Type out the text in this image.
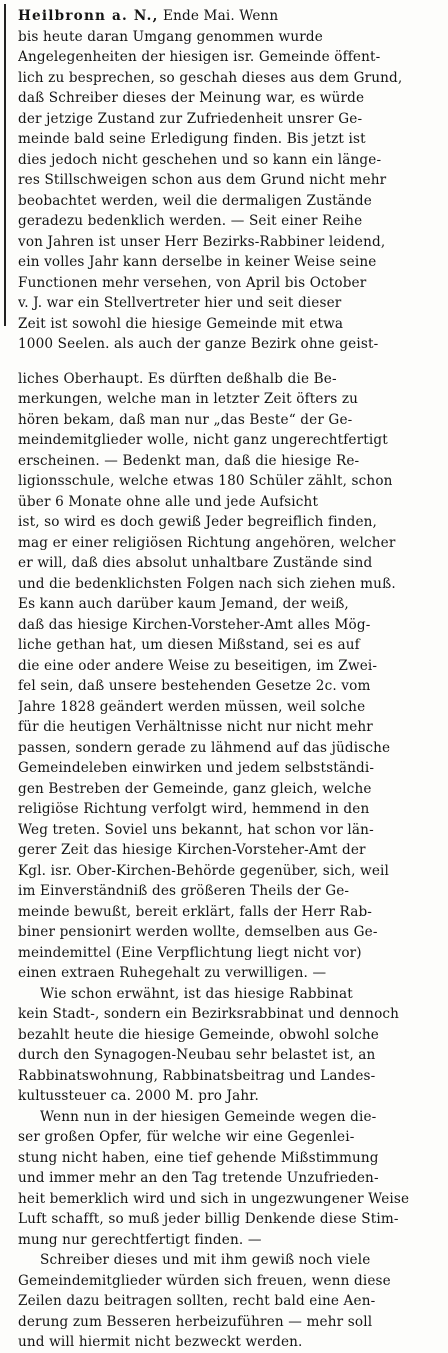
Heilbronn a. N., Ende Mai. Wenn
bis heute daran Umgang genommen wurde
Angelegenheiten der hiesigen isr. Gemeinde öffent-
lich zu besprechen, so geschah dieses aus dem Grund,
daß Schreiber dieses der Meinung war, es würde
der jetzige Zustand zur Zufriedenheit unsrer Ge-
meinde bald seine Erledigung finden. Bis jetzt ist
dies jedoch nicht geschehen und so kann ein länge-
res Stillschweigen schon aus dem Grund nicht mehr
beobachtet werden, weil die dermaligen Zustände
geradezu bedenklich werden. — Seit einer Reihe
von Jahren ist unser Herr Bezirks-Rabbiner leidend,
ein volles Jahr kann derselbe in keiner Weise seine
Functionen mehr versehen, von April bis October
v. J. war ein Stellvertreter hier und seit dieser
Zeit ist sowohl die hiesige Gemeinde mit etwa
1000 Seelen. als auch der ganze Bezirk ohne geist-
liches Oberhaupt. Es dürften deßhalb die Be-
merkungen, welche man in letzter Zeit öfters zu
hören bekam, daß man nur „das Beste“ der Ge-
meindemitglieder wolle, nicht ganz ungerechtfertigt
erscheinen. — Bedenkt man, daß die hiesige Re-
ligionsschule, welche etwas 180 Schüler zählt, schon
über 6 Monate ohne alle und jede Aufsicht
ist, so wird es doch gewiß Jeder begreiflich finden,
mag er einer religiösen Richtung angehören, welcher
er will, daß dies absolut unhaltbare Zustände sind
und die bedenklichsten Folgen nach sich ziehen muß.
Es kann auch darüber kaum Jemand, der weiß,
daß das hiesige Kirchen-Vorsteher-Amt alles Mög-
liche gethan hat, um diesen Mißstand, sei es auf
die eine oder andere Weise zu beseitigen, im Zwei-
fel sein, daß unsere bestehenden Gesetze 2c. vom
Jahre 1828 geändert werden müssen, weil solche
für die heutigen Verhältnisse nicht nur nicht mehr
passen, sondern gerade zu lähmend auf das jüdische
Gemeindeleben einwirken und jedem selbstständi-
gen Bestreben der Gemeinde, ganz gleich, welche
religiöse Richtung verfolgt wird, hemmend in den
Weg treten. Soviel uns bekannt, hat schon vor län-
gerer Zeit das hiesige Kirchen-Vorsteher-Amt der
Kgl. isr. Ober-Kirchen-Behörde gegenüber, sich, weil
im Einverständniß des größeren Theils der Ge-
meinde bewußt, bereit erklärt, falls der Herr Rab-
biner pensionirt werden wollte, demselben aus Ge-
meindemittel (Eine Verpflichtung liegt nicht vor)
einen extraen Ruhegehalt zu verwilligen. —
Wie schon erwähnt, ist das hiesige Rabbinat
kein Stadt-, sondern ein Bezirksrabbinat und dennoch
bezahlt heute die hiesige Gemeinde, obwohl solche
durch den Synagogen-Neubau sehr belastet ist, an
Rabbinatswohnung, Rabbinatsbeitrag und Landes-
kultussteuer ca. 2000 M. pro Jahr.
Wenn nun in der hiesigen Gemeinde wegen die-
ser großen Opfer, für welche wir eine Gegenlei-
stung nicht haben, eine tief gehende Mißstimmung
und immer mehr an den Tag tretende Unzufrieden-
heit bemerklich wird und sich in ungezwungener Weise
Luft schafft, so muß jeder billig Denkende diese Stim-
mung nur gerechtfertigt finden. —
Schreiber dieses und mit ihm gewiß noch viele
Gemeindemitglieder würden sich freuen, wenn diese
Zeilen dazu beitragen sollten, recht bald eine Aen-
derung zum Besseren herbeizuführen — mehr soll
und will hiermit nicht bezweckt werden.
